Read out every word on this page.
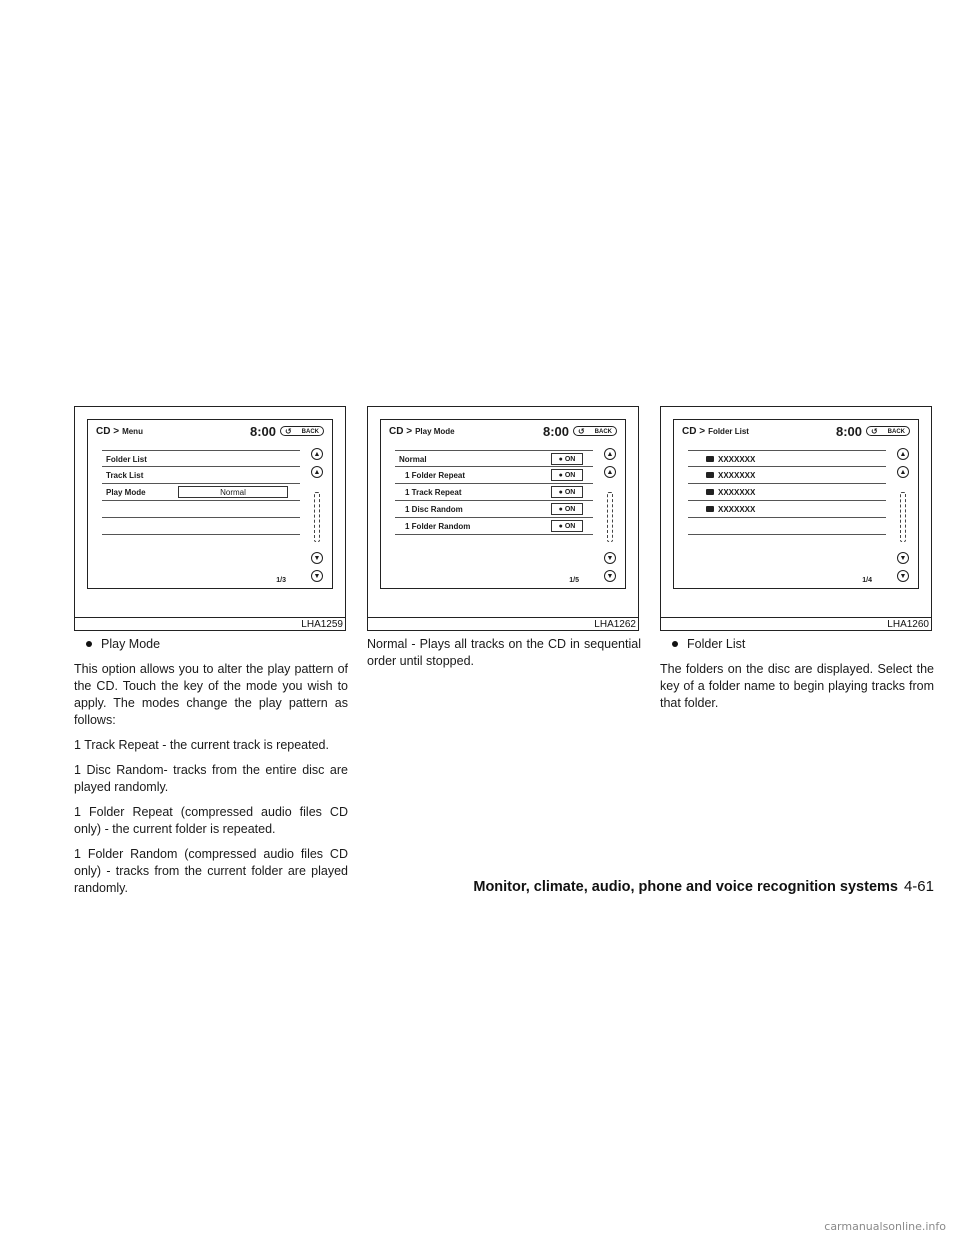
CD > Menu	8:00 ↺ BACK
Folder List
Track List
Play Mode	Normal
▲
▲
▼
▼
1/3
LHA1259
CD > Play Mode	8:00 ↺ BACK
Normal	● ON
1 Folder Repeat	● ON
1 Track Repeat	● ON
1 Disc Random	● ON
1 Folder Random	● ON
▲
▲
▼
▼
1/5
LHA1262
CD > Folder List	8:00 ↺ BACK
XXXXXXX
XXXXXXX
XXXXXXX
XXXXXXX
▲
▲
▼
▼
1/4
LHA1260
Play Mode

This option allows you to alter the play pattern of the CD. Touch the key of the mode you wish to apply. The modes change the play pattern as follows:

1 Track Repeat - the current track is repeated.

1 Disc Random- tracks from the entire disc are played randomly.

1 Folder Repeat (compressed audio files CD only) - the current folder is repeated.

1 Folder Random (compressed audio files CD only) - tracks from the current folder are played randomly.

Normal - Plays all tracks on the CD in sequential order until stopped.

Folder List

The folders on the disc are displayed. Select the key of a folder name to begin playing tracks from that folder.

Monitor, climate, audio, phone and voice recognition systems 4-61
carmanualsonline.info
